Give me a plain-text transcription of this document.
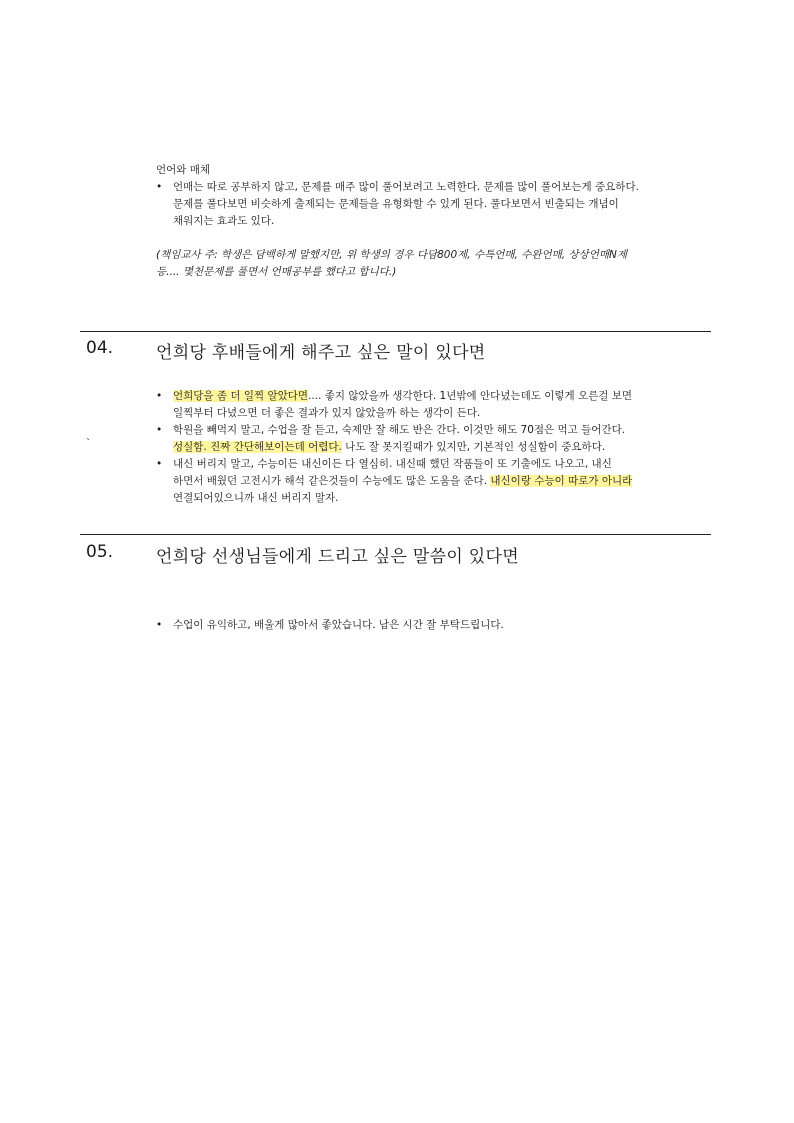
언어와 매체
• 언매는 따로 공부하지 않고, 문제를 매주 많이 풀어보려고 노력한다. 문제를 많이 풀어보는게 중요하다.
문제를 풀다보면 비슷하게 출제되는 문제들을 유형화할 수 있게 된다. 풀다보면서 빈출되는 개념이
채워지는 효과도 있다.
(책임교사 주: 학생은 담백하게 말했지만, 위 학생의 경우 다담800제, 수특언매, 수완언매, 상상언매N제
등.... 몇천문제를 풀면서 언매공부를 했다고 합니다.)
04.	언희당 후배들에게 해주고 싶은 말이 있다면
• 언희당을 좀 더 일찍 알았다면.... 좋지 않았을까 생각한다. 1년밖에 안다녔는데도 이렇게 오른걸 보면
일찍부터 다녔으면 더 좋은 결과가 있지 않았을까 하는 생각이 든다.
• 학원을 빼먹지 말고, 수업을 잘 듣고, 숙제만 잘 해도 반은 간다. 이것만 해도 70점은 먹고 들어간다.
성실함. 진짜 간단해보이는데 어렵다. 나도 잘 못지킬때가 있지만, 기본적인 성실함이 중요하다.
• 내신 버리지 말고, 수능이든 내신이든 다 열심히. 내신때 했던 작품들이 또 기출에도 나오고, 내신
하면서 배웠던 고전시가 해석 같은것들이 수능에도 많은 도움을 준다. 내신이랑 수능이 따로가 아니라
연결되어있으니까 내신 버리지 말자.
`
05.	언희당 선생님들에게 드리고 싶은 말씀이 있다면
• 수업이 유익하고, 배울게 많아서 좋았습니다. 남은 시간 잘 부탁드립니다.
